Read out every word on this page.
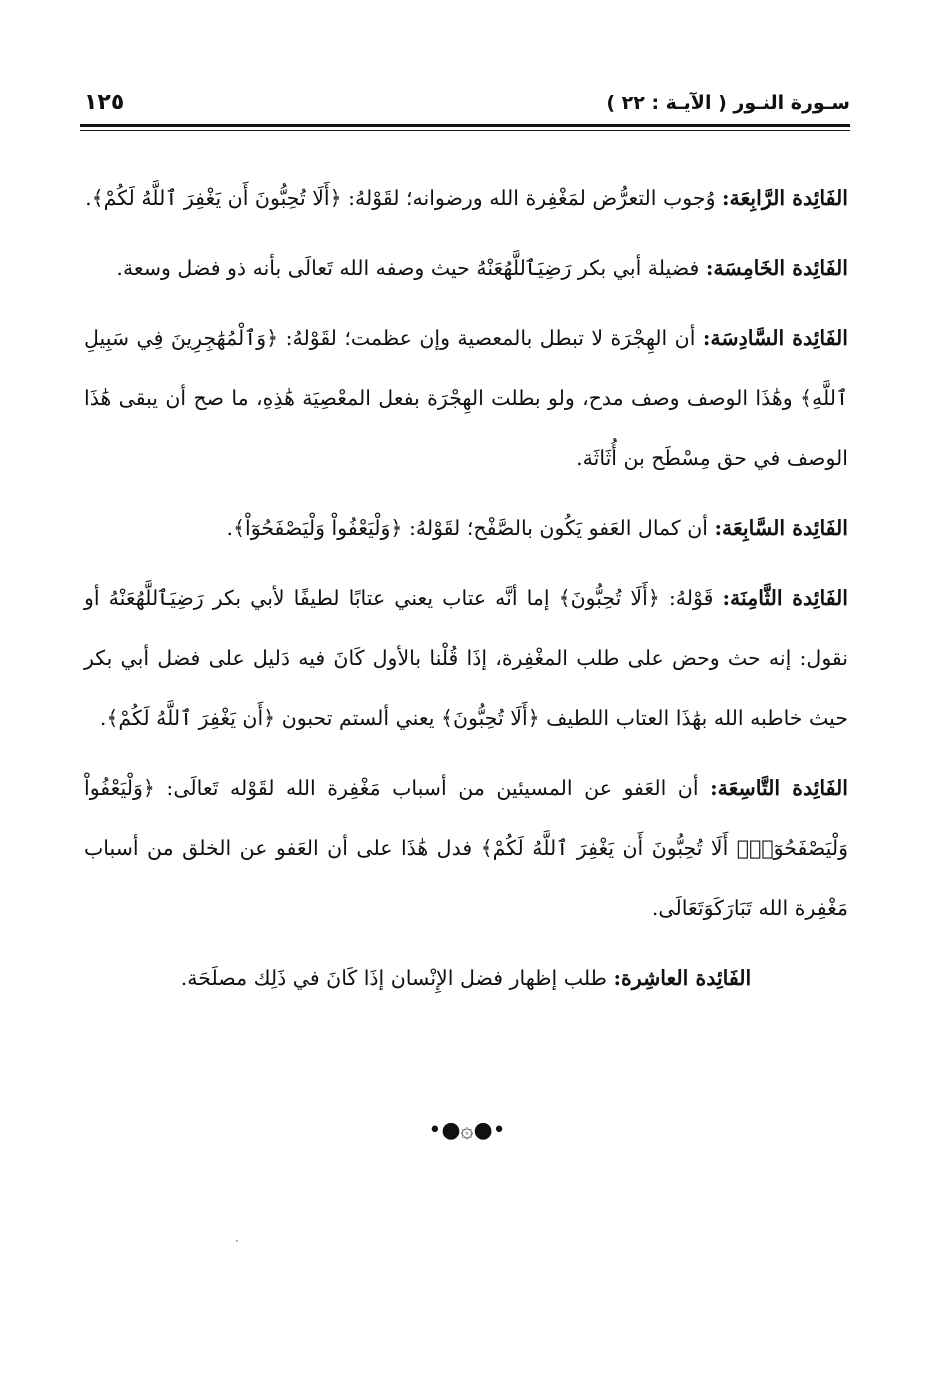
سـورة النـور ( الآيـة : ٢٢ )
١٢٥

الفَائِدة الرَّابِعَة: وُجوب التعرُّض لمَغْفِرة الله ورضوانه؛ لقَوْلهُ: ﴿أَلَا تُحِبُّونَ أَن يَغْفِرَ ٱللَّهُ لَكُمْ﴾.

الفَائِدة الخَامِسَة: فضيلة أبي بكر رَضِيَٱللَّهُعَنْهُ حيث وصفه الله تَعالَى بأنه ذو فضل وسعة.

الفَائِدة السَّادِسَة: أن الهِجْرَة لا تبطل بالمعصية وإن عظمت؛ لقَوْلهُ: ﴿وَٱلْمُهَٰجِرِينَ فِي سَبِيلِ ٱللَّهِ﴾ وهَٰذَا الوصف وصف مدح، ولو بطلت الهِجْرَة بفعل المعْصِيَة هَٰذِهِ، ما صح أن يبقى هَٰذَا الوصف في حق مِسْطَح بن أُثَاثَة.

الفَائِدة السَّابِعَة: أن كمال العَفو يَكُون بالصَّفْح؛ لقَوْلهُ: ﴿وَلْيَعْفُواْ وَلْيَصْفَحُوٓاْ﴾.

الفَائِدة الثَّامِنَة: قَوْلهُ: ﴿أَلَا تُحِبُّونَ﴾ إما أنَّه عتاب يعني عتابًا لطيفًا لأبي بكر رَضِيَٱللَّهُعَنْهُ أو نقول: إنه حث وحض على طلب المغْفِرة، إذَا قُلْنا بالأول كَانَ فيه دَليل على فضل أبي بكر حيث خاطبه الله بهَٰذَا العتاب اللطيف ﴿أَلَا تُحِبُّونَ﴾ يعني ألستم تحبون ﴿أَن يَغْفِرَ ٱللَّهُ لَكُمْ﴾.

الفَائِدة التَّاسِعَة: أن العَفو عن المسيئين من أسباب مَغْفِرة الله لقَوْله تَعالَى: ﴿وَلْيَعْفُواْ وَلْيَصْفَحُوٓاْۗ أَلَا تُحِبُّونَ أَن يَغْفِرَ ٱللَّهُ لَكُمْ﴾ فدل هَٰذَا على أن العَفو عن الخلق من أسباب مَغْفِرة الله تَبَارَكَوَتَعَالَى.

الفَائِدة العاشِرة: طلب إظهار فضل الإِنْسان إذَا كَانَ في ذَلِك مصلَحَة.

•●۞●•
